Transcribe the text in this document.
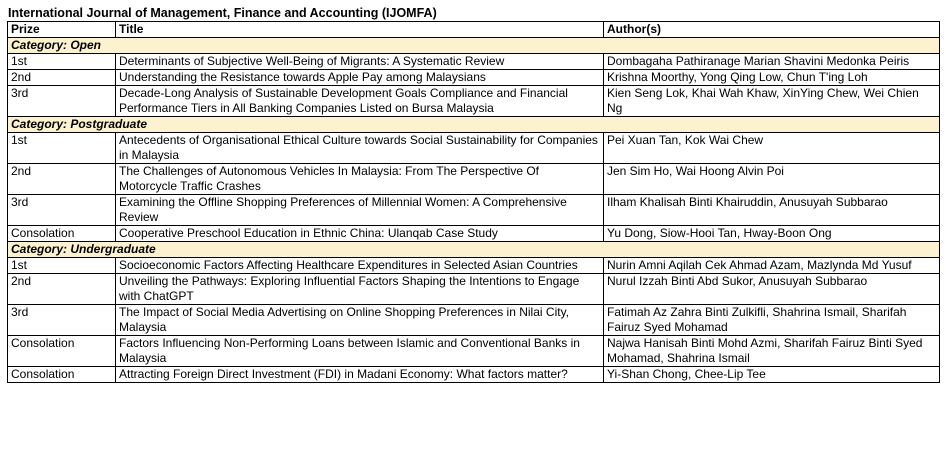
International Journal of Management, Finance and Accounting (IJOMFA)
Prize	Title	Author(s)
Category: Open		
1st	Determinants of Subjective Well-Being of Migrants: A Systematic Review	Dombagaha Pathiranage Marian Shavini Medonka Peiris
2nd	Understanding the Resistance towards Apple Pay among Malaysians	Krishna Moorthy, Yong Qing Low, Chun T'ing Loh
3rd	Decade-Long Analysis of Sustainable Development Goals Compliance and Financial Performance Tiers in All Banking Companies Listed on Bursa Malaysia	Kien Seng Lok, Khai Wah Khaw, XinYing Chew, Wei Chien Ng
Category: Postgraduate		
1st	Antecedents of Organisational Ethical Culture towards Social Sustainability for Companies in Malaysia	Pei Xuan Tan, Kok Wai Chew
2nd	The Challenges of Autonomous Vehicles In Malaysia: From The Perspective Of Motorcycle Traffic Crashes	Jen Sim Ho, Wai Hoong Alvin Poi
3rd	Examining the Offline Shopping Preferences of Millennial Women: A Comprehensive Review	Ilham Khalisah Binti Khairuddin, Anusuyah Subbarao
Consolation	Cooperative Preschool Education in Ethnic China: Ulanqab Case Study	Yu Dong, Siow-Hooi Tan, Hway-Boon Ong
Category: Undergraduate		
1st	Socioeconomic Factors Affecting Healthcare Expenditures in Selected Asian Countries	Nurin Amni Aqilah Cek Ahmad Azam, Mazlynda Md Yusuf
2nd	Unveiling the Pathways: Exploring Influential Factors Shaping the Intentions to Engage with ChatGPT	Nurul Izzah Binti Abd Sukor, Anusuyah Subbarao
3rd	The Impact of Social Media Advertising on Online Shopping Preferences in Nilai City, Malaysia	Fatimah Az Zahra Binti Zulkifli, Shahrina Ismail, Sharifah Fairuz Syed Mohamad
Consolation	Factors Influencing Non-Performing Loans between Islamic and Conventional Banks in Malaysia	Najwa Hanisah Binti Mohd Azmi, Sharifah Fairuz Binti Syed Mohamad, Shahrina Ismail
Consolation	Attracting Foreign Direct Investment (FDI) in Madani Economy: What factors matter?	Yi-Shan Chong, Chee-Lip Tee
